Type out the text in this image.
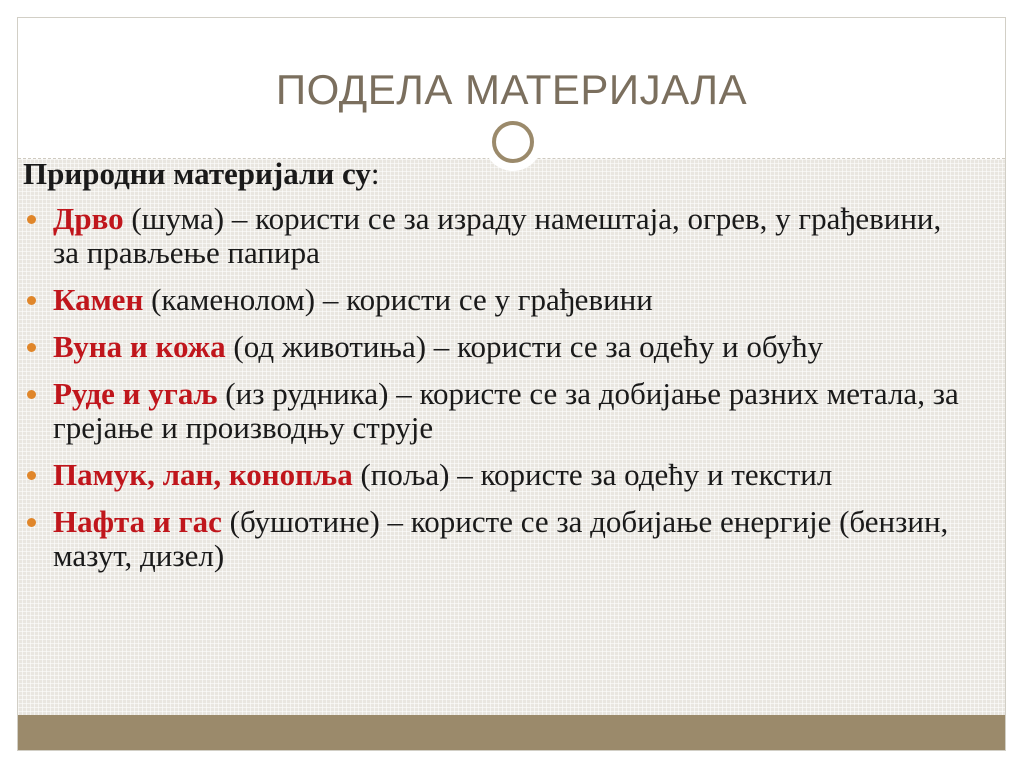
ПОДЕЛА МАТЕРИЈАЛА

Природни материјали су:

Дрво (шума) – користи се за израду намештаја, огрев, у грађевини, за прављење папира
Камен (каменолом) – користи се у грађевини
Вуна и кожа (од животиња) – користи се за одећу и обућу
Руде и угаљ (из рудника) – користе се за добијање разних метала, за грејање и производњу струје
Памук, лан, конопља (поља) – користе за одећу и текстил
Нафта и гас (бушотине) – користе се за добијање енергије (бензин, мазут, дизел)
